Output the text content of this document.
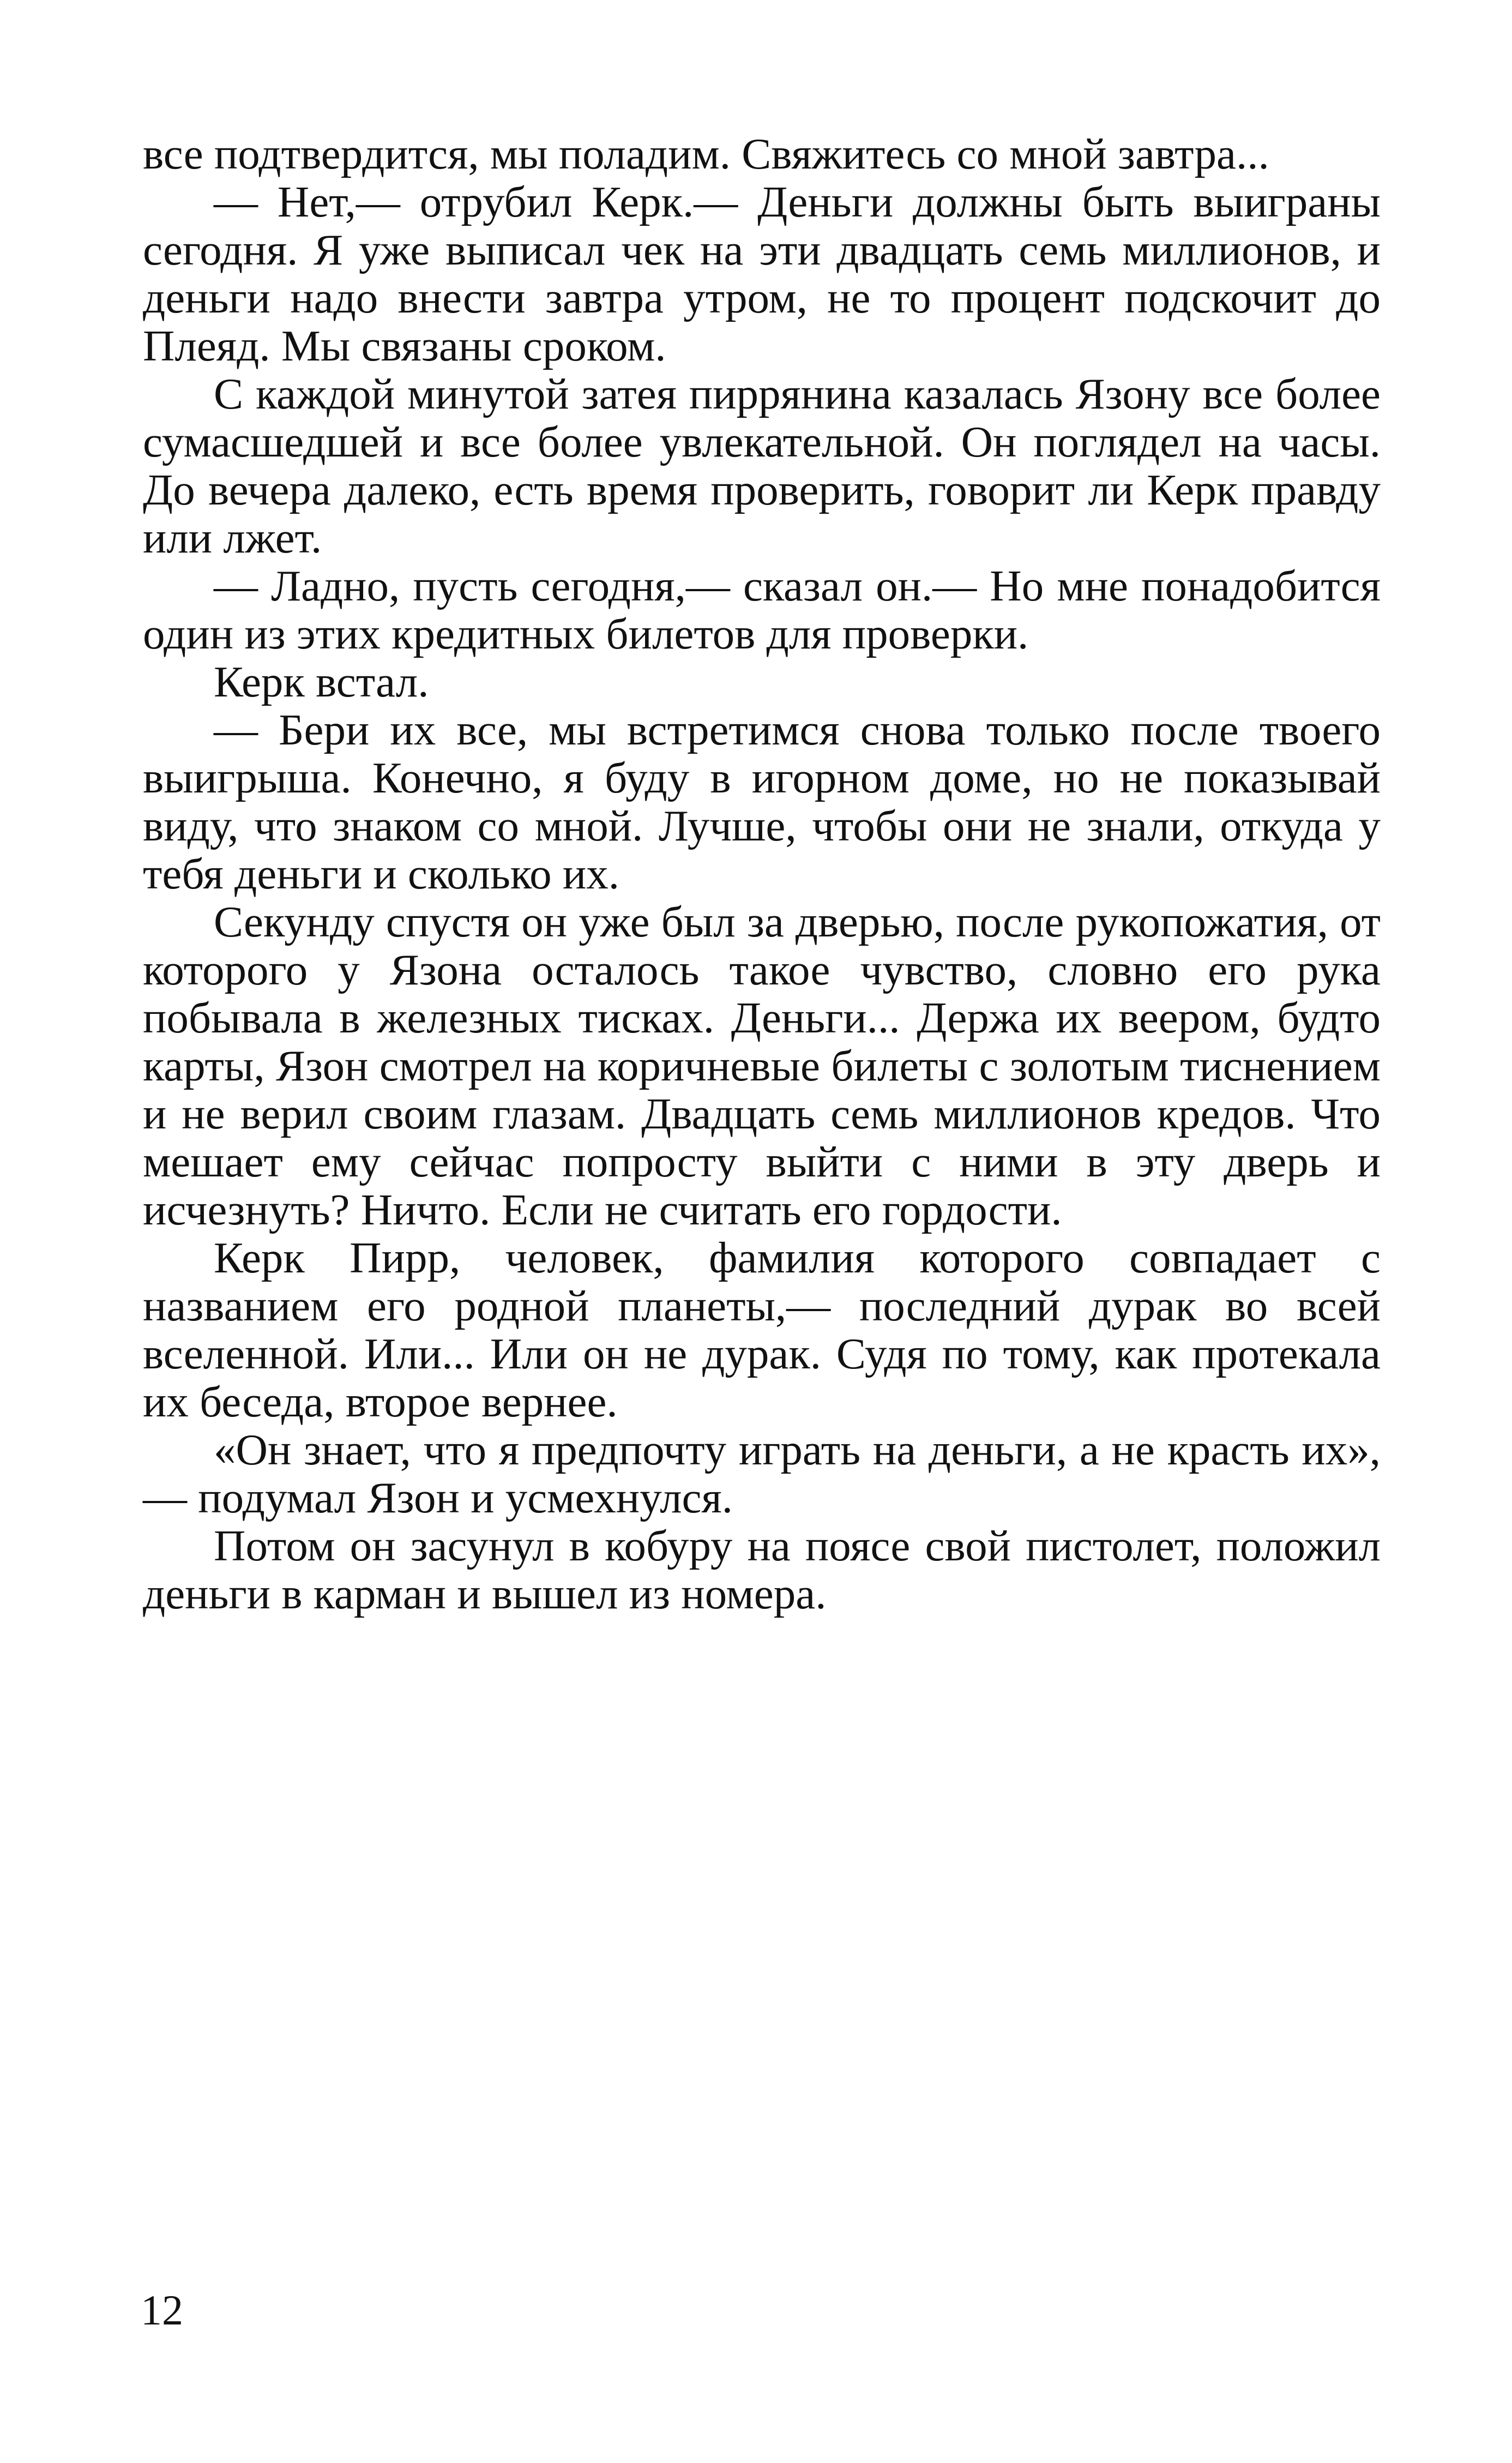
все подтвердится, мы поладим. Свяжитесь со мной завтра...

— Нет,— отрубил Керк.— Деньги должны быть выиграны сегодня. Я уже выписал чек на эти двадцать семь миллионов, и деньги надо внести завтра утром, не то процент подскочит до Плеяд. Мы связаны сроком.

С каждой минутой затея пиррянина казалась Язону все более сумасшедшей и все более увлекательной. Он поглядел на часы. До вечера далеко, есть время проверить, говорит ли Керк правду или лжет.

— Ладно, пусть сегодня,— сказал он.— Но мне понадобится один из этих кредитных билетов для проверки.

Керк встал.

— Бери их все, мы встретимся снова только после твоего выигрыша. Конечно, я буду в игорном доме, но не показывай виду, что знаком со мной. Лучше, чтобы они не знали, откуда у тебя деньги и сколько их.

Секунду спустя он уже был за дверью, после рукопожатия, от которого у Язона осталось такое чувство, словно его рука побывала в железных тисках. Деньги... Держа их веером, будто карты, Язон смотрел на коричневые билеты с золотым тиснением и не верил своим глазам. Двадцать семь миллионов кредов. Что мешает ему сейчас попросту выйти с ними в эту дверь и исчезнуть? Ничто. Если не считать его гордости.

Керк Пирр, человек, фамилия которого совпадает с названием его родной планеты,— последний дурак во всей вселенной. Или... Или он не дурак. Судя по тому, как протекала их беседа, второе вернее.

«Он знает, что я предпочту играть на деньги, а не красть их»,— подумал Язон и усмехнулся.

Потом он засунул в кобуру на поясе свой пистолет, положил деньги в карман и вышел из номера.

12
